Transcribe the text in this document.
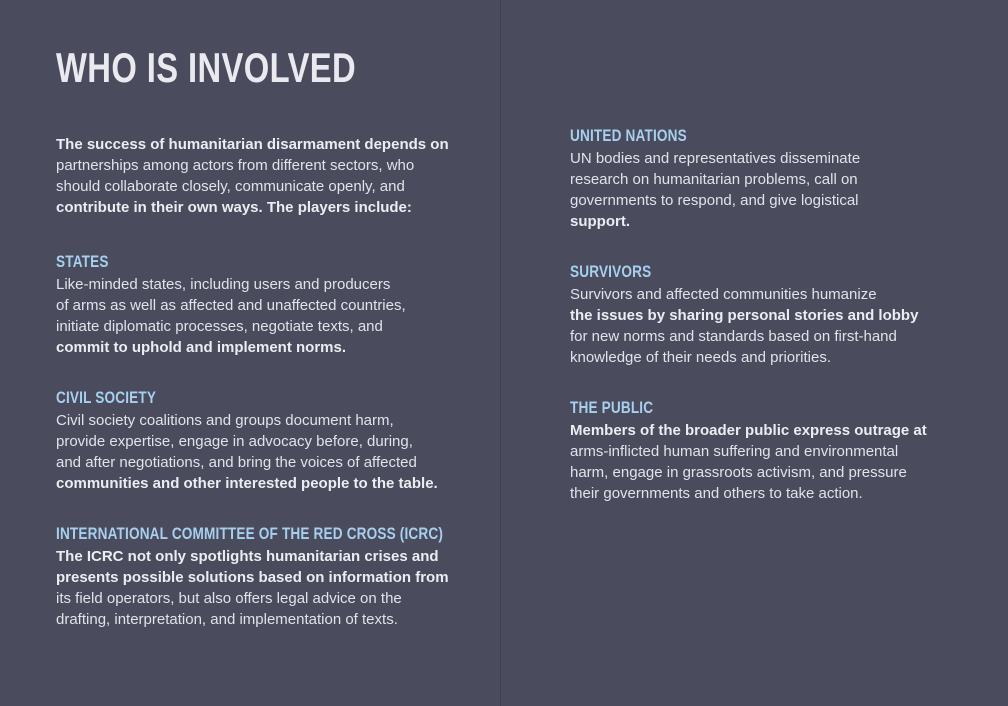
WHO IS INVOLVED

The success of humanitarian disarmament depends on
partnerships among actors from different sectors, who
should collaborate closely, communicate openly, and
contribute in their own ways. The players include:

STATES

Like-minded states, including users and producers
of arms as well as affected and unaffected countries,
initiate diplomatic processes, negotiate texts, and
commit to uphold and implement norms.

CIVIL SOCIETY

Civil society coalitions and groups document harm,
provide expertise, engage in advocacy before, during,
and after negotiations, and bring the voices of affected
communities and other interested people to the table.

INTERNATIONAL COMMITTEE OF THE RED CROSS (ICRC)

The ICRC not only spotlights humanitarian crises and
presents possible solutions based on information from
its field operators, but also offers legal advice on the
drafting, interpretation, and implementation of texts.

UNITED NATIONS

UN bodies and representatives disseminate
research on humanitarian problems, call on
governments to respond, and give logistical
support.

SURVIVORS

Survivors and affected communities humanize
the issues by sharing personal stories and lobby
for new norms and standards based on first-hand
knowledge of their needs and priorities.

THE PUBLIC

Members of the broader public express outrage at
arms-inflicted human suffering and environmental
harm, engage in grassroots activism, and pressure
their governments and others to take action.
